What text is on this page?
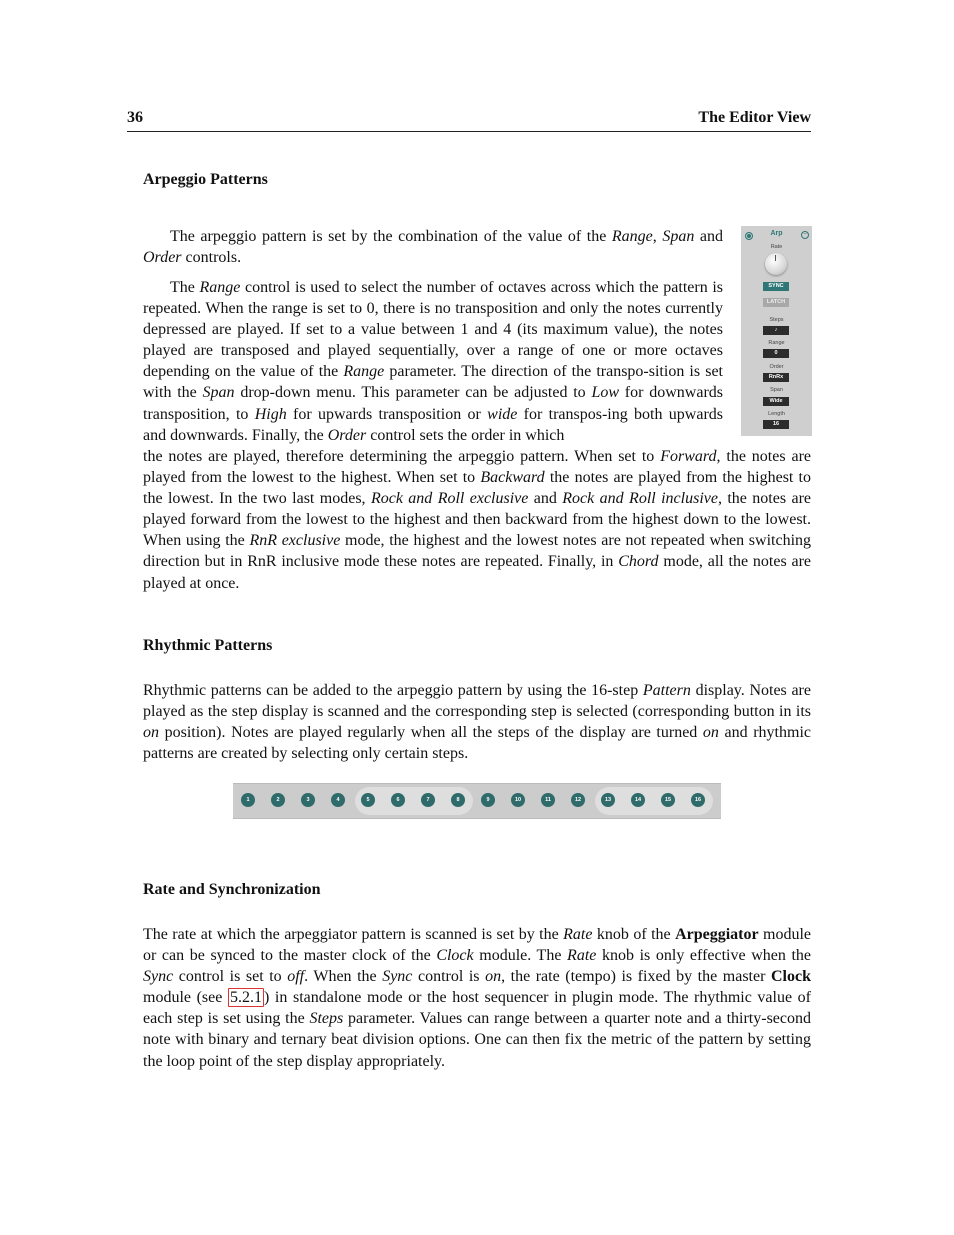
36	The Editor View
Arpeggio Patterns

The arpeggio pattern is set by the combination of the value of the Range, Span and Order controls.

The Range control is used to select the number of octaves across which the pattern is repeated. When the range is set to 0, there is no transposition and only the notes currently depressed are played. If set to a value between 1 and 4 (its maximum value), the notes played are transposed and played sequentially, over a range of one or more octaves depending on the value of the Range parameter. The direction of the transpo-sition is set with the Span drop-down menu. This parameter can be adjusted to Low for downwards transposition, to High for upwards transposition or wide for transpos-ing both upwards and downwards. Finally, the Order control sets the order in which

the notes are played, therefore determining the arpeggio pattern. When set to Forward, the notes are played from the lowest to the highest. When set to Backward the notes are played from the highest to the lowest. In the two last modes, Rock and Roll exclusive and Rock and Roll inclusive, the notes are played forward from the lowest to the highest and then backward from the highest down to the lowest. When using the RnR exclusive mode, the highest and the lowest notes are not repeated when switching direction but in RnR inclusive mode these notes are repeated. Finally, in Chord mode, all the notes are played at once.

Arp	–
Rate
SYNC
LATCH
Steps
♪
Range
0
Order
RnRx
Span
Wide
Length
16
Rhythmic Patterns

Rhythmic patterns can be added to the arpeggio pattern by using the 16-step Pattern display. Notes are played as the step display is scanned and the corresponding step is selected (corresponding button in its on position). Notes are played regularly when all the steps of the display are turned on and rhythmic patterns are created by selecting only certain steps.

1	2	3	4	5	6	7	8	9	10	11	12	13	14	15	16
Rate and Synchronization

The rate at which the arpeggiator pattern is scanned is set by the Rate knob of the Arpeggiator module or can be synced to the master clock of the Clock module. The Rate knob is only effective when the Sync control is set to off. When the Sync control is on, the rate (tempo) is fixed by the master Clock module (see 5.2.1 ) in standalone mode or the host sequencer in plugin mode. The rhythmic value of each step is set using the Steps parameter. Values can range between a quarter note and a thirty-second note with binary and ternary beat division options. One can then fix the metric of the pattern by setting the loop point of the step display appropriately.
